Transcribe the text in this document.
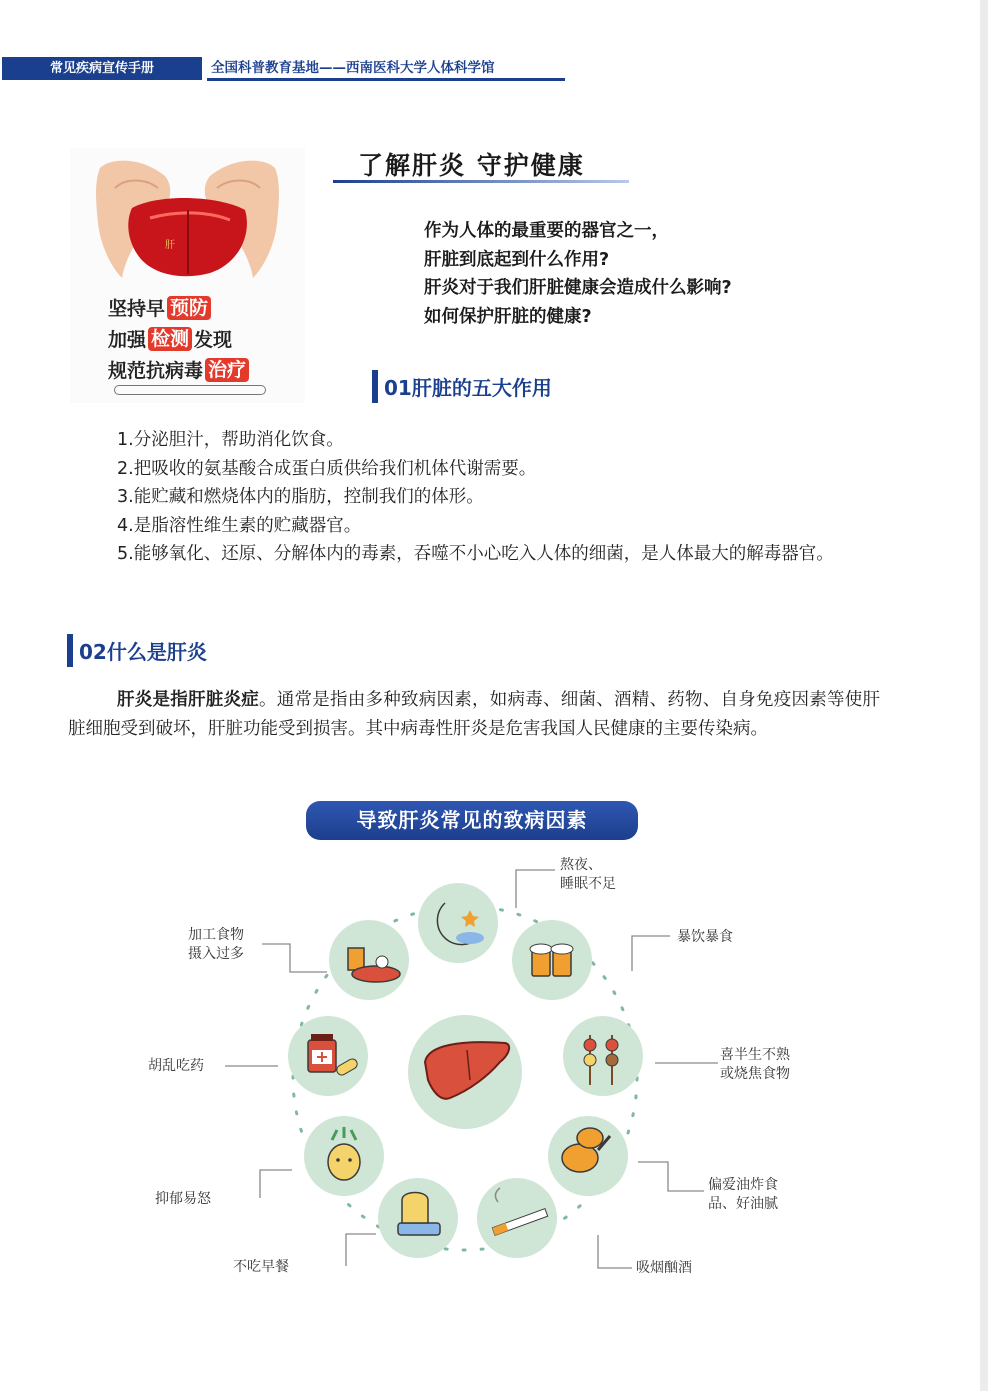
常见疾病宣传手册	全国科普教育基地——西南医科大学人体科学馆
肝
坚持早 预防
加强 检测 发现
规范抗病毒 治疗
了解肝炎 守护健康
作为人体的最重要的器官之一，
肝脏到底起到什么作用?
肝炎对于我们肝脏健康会造成什么影响?
如何保护肝脏的健康?
01肝脏的五大作用
1.分泌胆汁，帮助消化饮食。
2.把吸收的氨基酸合成蛋白质供给我们机体代谢需要。
3.能贮藏和燃烧体内的脂肪，控制我们的体形。
4.是脂溶性维生素的贮藏器官。
5.能够氧化、还原、分解体内的毒素，吞噬不小心吃入人体的细菌，是人体最大的解毒器官。
02什么是肝炎
肝炎是指肝脏炎症。通常是指由多种致病因素，如病毒、细菌、酒精、药物、自身免疫因素等使肝脏细胞受到破坏，肝脏功能受到损害。其中病毒性肝炎是危害我国人民健康的主要传染病。
导致肝炎常见的致病因素
熬夜、
睡眠不足
暴饮暴食
喜半生不熟
或烧焦食物
偏爱油炸食
品、好油腻
吸烟酗酒
不吃早餐
抑郁易怒
胡乱吃药
加工食物
摄入过多
